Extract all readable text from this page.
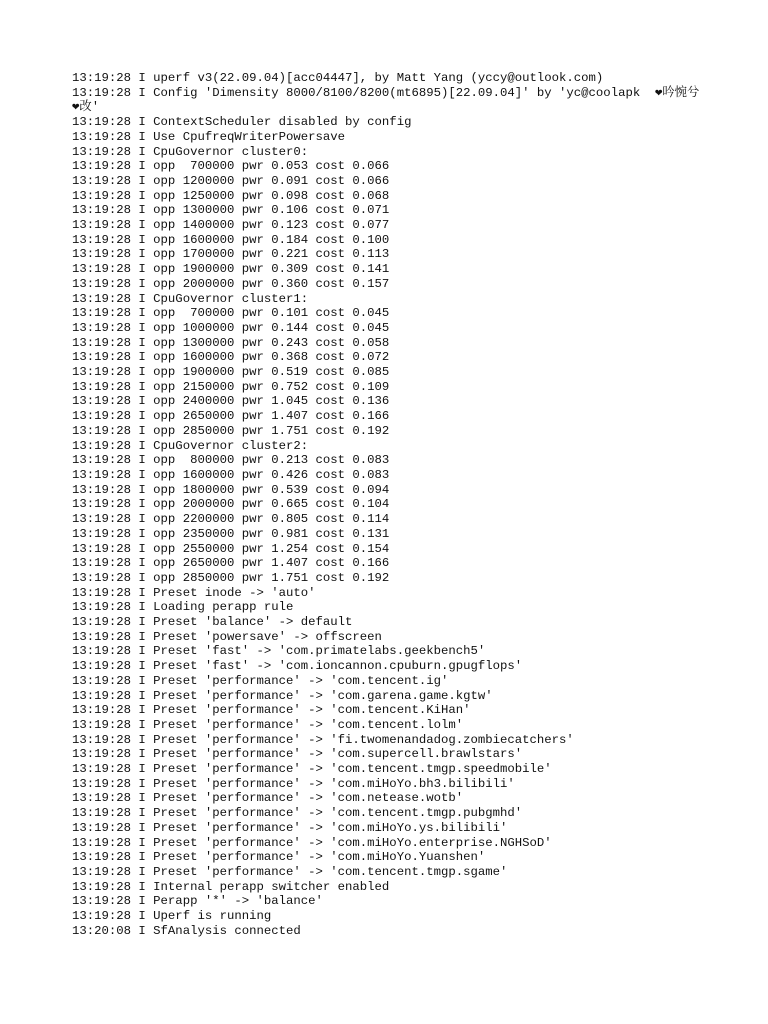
13:19:28 I uperf v3(22.09.04)[acc04447], by Matt Yang (yccy@outlook.com)
13:19:28 I Config 'Dimensity 8000/8100/8200(mt6895)[22.09.04]' by 'yc@coolapk  ❤吟惋兮❤改'
13:19:28 I ContextScheduler disabled by config
13:19:28 I Use CpufreqWriterPowersave
13:19:28 I CpuGovernor cluster0:
13:19:28 I opp  700000 pwr 0.053 cost 0.066
13:19:28 I opp 1200000 pwr 0.091 cost 0.066
13:19:28 I opp 1250000 pwr 0.098 cost 0.068
13:19:28 I opp 1300000 pwr 0.106 cost 0.071
13:19:28 I opp 1400000 pwr 0.123 cost 0.077
13:19:28 I opp 1600000 pwr 0.184 cost 0.100
13:19:28 I opp 1700000 pwr 0.221 cost 0.113
13:19:28 I opp 1900000 pwr 0.309 cost 0.141
13:19:28 I opp 2000000 pwr 0.360 cost 0.157
13:19:28 I CpuGovernor cluster1:
13:19:28 I opp  700000 pwr 0.101 cost 0.045
13:19:28 I opp 1000000 pwr 0.144 cost 0.045
13:19:28 I opp 1300000 pwr 0.243 cost 0.058
13:19:28 I opp 1600000 pwr 0.368 cost 0.072
13:19:28 I opp 1900000 pwr 0.519 cost 0.085
13:19:28 I opp 2150000 pwr 0.752 cost 0.109
13:19:28 I opp 2400000 pwr 1.045 cost 0.136
13:19:28 I opp 2650000 pwr 1.407 cost 0.166
13:19:28 I opp 2850000 pwr 1.751 cost 0.192
13:19:28 I CpuGovernor cluster2:
13:19:28 I opp  800000 pwr 0.213 cost 0.083
13:19:28 I opp 1600000 pwr 0.426 cost 0.083
13:19:28 I opp 1800000 pwr 0.539 cost 0.094
13:19:28 I opp 2000000 pwr 0.665 cost 0.104
13:19:28 I opp 2200000 pwr 0.805 cost 0.114
13:19:28 I opp 2350000 pwr 0.981 cost 0.131
13:19:28 I opp 2550000 pwr 1.254 cost 0.154
13:19:28 I opp 2650000 pwr 1.407 cost 0.166
13:19:28 I opp 2850000 pwr 1.751 cost 0.192
13:19:28 I Preset inode -> 'auto'
13:19:28 I Loading perapp rule
13:19:28 I Preset 'balance' -> default
13:19:28 I Preset 'powersave' -> offscreen
13:19:28 I Preset 'fast' -> 'com.primatelabs.geekbench5'
13:19:28 I Preset 'fast' -> 'com.ioncannon.cpuburn.gpugflops'
13:19:28 I Preset 'performance' -> 'com.tencent.ig'
13:19:28 I Preset 'performance' -> 'com.garena.game.kgtw'
13:19:28 I Preset 'performance' -> 'com.tencent.KiHan'
13:19:28 I Preset 'performance' -> 'com.tencent.lolm'
13:19:28 I Preset 'performance' -> 'fi.twomenandadog.zombiecatchers'
13:19:28 I Preset 'performance' -> 'com.supercell.brawlstars'
13:19:28 I Preset 'performance' -> 'com.tencent.tmgp.speedmobile'
13:19:28 I Preset 'performance' -> 'com.miHoYo.bh3.bilibili'
13:19:28 I Preset 'performance' -> 'com.netease.wotb'
13:19:28 I Preset 'performance' -> 'com.tencent.tmgp.pubgmhd'
13:19:28 I Preset 'performance' -> 'com.miHoYo.ys.bilibili'
13:19:28 I Preset 'performance' -> 'com.miHoYo.enterprise.NGHSoD'
13:19:28 I Preset 'performance' -> 'com.miHoYo.Yuanshen'
13:19:28 I Preset 'performance' -> 'com.tencent.tmgp.sgame'
13:19:28 I Internal perapp switcher enabled
13:19:28 I Perapp '*' -> 'balance'
13:19:28 I Uperf is running
13:20:08 I SfAnalysis connected
